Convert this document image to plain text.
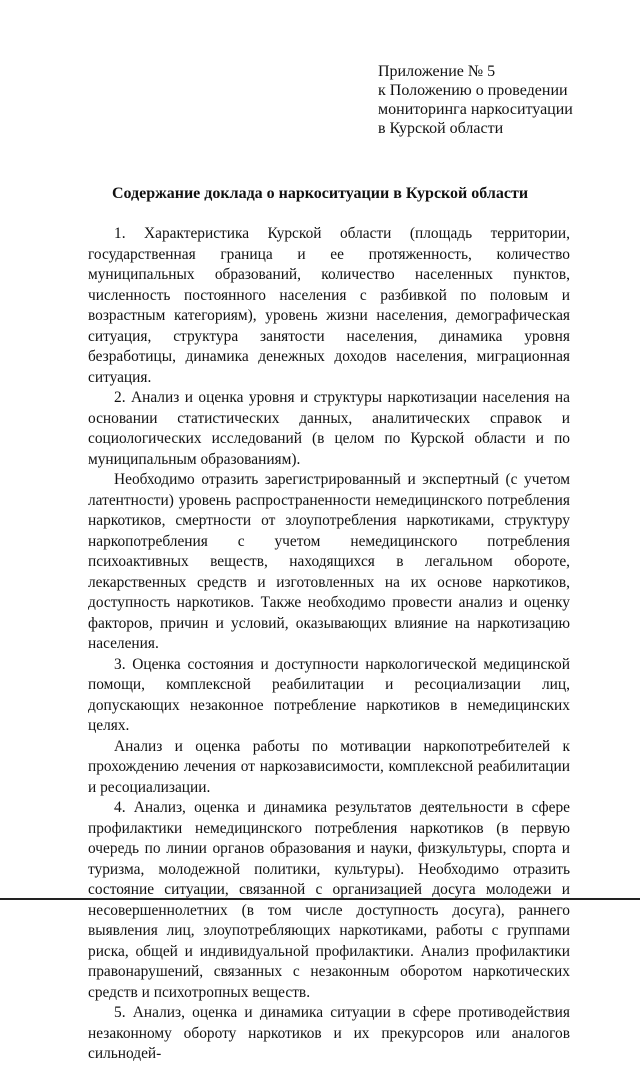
Приложение № 5
к Положению о проведении
мониторинга наркоситуации
в Курской области
Содержание доклада о наркоситуации в Курской области

1. Характеристика Курской области (площадь территории, государственная граница и ее протяженность, количество муниципальных образований, количество населенных пунктов, численность постоянного населения с разбивкой по половым и возрастным категориям), уровень жизни населения, демографическая ситуация, структура занятости населения, динамика уровня безработицы, динамика денежных доходов населения, миграционная ситуация.

2. Анализ и оценка уровня и структуры наркотизации населения на основании статистических данных, аналитических справок и социологических исследований (в целом по Курской области и по муниципальным образованиям).

Необходимо отразить зарегистрированный и экспертный (с учетом латентности) уровень распространенности немедицинского потребления наркотиков, смертности от злоупотребления наркотиками, структуру наркопотребления с учетом немедицинского потребления психоактивных веществ, находящихся в легальном обороте, лекарственных средств и изготовленных на их основе наркотиков, доступность наркотиков. Также необходимо провести анализ и оценку факторов, причин и условий, оказывающих влияние на наркотизацию населения.

3. Оценка состояния и доступности наркологической медицинской помощи, комплексной реабилитации и ресоциализации лиц, допускающих незаконное потребление наркотиков в немедицинских целях.

Анализ и оценка работы по мотивации наркопотребителей к прохождению лечения от наркозависимости, комплексной реабилитации и ресоциализации.

4. Анализ, оценка и динамика результатов деятельности в сфере профилактики немедицинского потребления наркотиков (в первую очередь по линии органов образования и науки, физкультуры, спорта и туризма, молодежной политики, культуры). Необходимо отразить состояние ситуации, связанной с организацией досуга молодежи и несовершеннолетних (в том числе доступность досуга), раннего выявления лиц, злоупотребляющих наркотиками, работы с группами риска, общей и индивидуальной профилактики. Анализ профилактики правонарушений, связанных с незаконным оборотом наркотических средств и психотропных веществ.

5. Анализ, оценка и динамика ситуации в сфере противодействия незаконному обороту наркотиков и их прекурсоров или аналогов сильнодей-
